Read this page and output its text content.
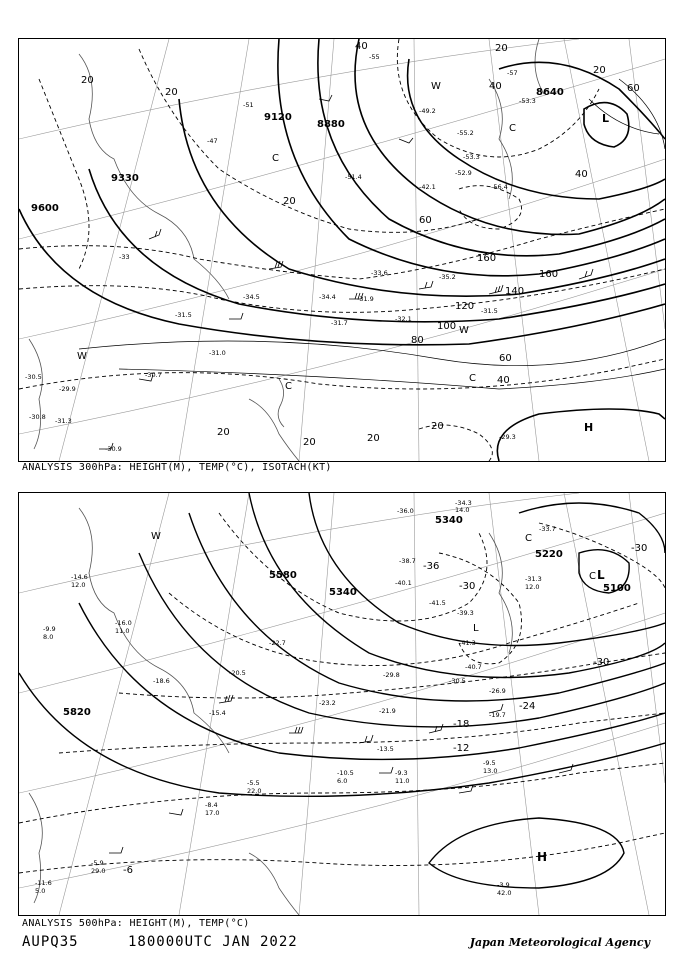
9600
9330
9120
8880
8640
20
20
20
20
20	20
20
20
20
40
40
40
40
60
60
60
80
100
120
140
160
160
-33
-31.5
-31.7	-32.1
-31.5
-31.0
-30.7
-29.3
-30.9
-31.3
-30.8
-30.5
-29.9
-51
-47
-49.2
-53.3
-55.2
-56.4
-52.9
-51.4
-42.1
-35.2
-34.5	-34.4
-33.6
-31.9
-57
-55
-53.3
L
H
C
C
C
C
W
W
W
ANALYSIS 300hPa: HEIGHT(M), TEMP(°C), ISOTACH(KT)
5820
5580
5340
5340
5220
5100
-36
-30
-30
-24
-18
-12
-6
-30
-34.3
14.0
-36.0
-38.7
-40.1
-41.5
-39.3
-41.3
-40.7
-33.7
-31.3
12.0
-30.5
-29.8
-26.9
-23.2
-19.7
-21.9
-15.4
-13.5
-9.5
13.0
-9.3
11.0
-10.5
6.0
-8.4
17.0
-5.5
22.0
-3.9
42.0
-5.9
29.0
-11.6
5.0
-14.6
12.0
-9.9
8.0
-16.0
11.0
-18.6
-20.5
-22.7
L
H
C
C
L
W
ANALYSIS 500hPa: HEIGHT(M), TEMP(°C)
AUPQ35	180000UTC JAN 2022	Japan Meteorological Agency
